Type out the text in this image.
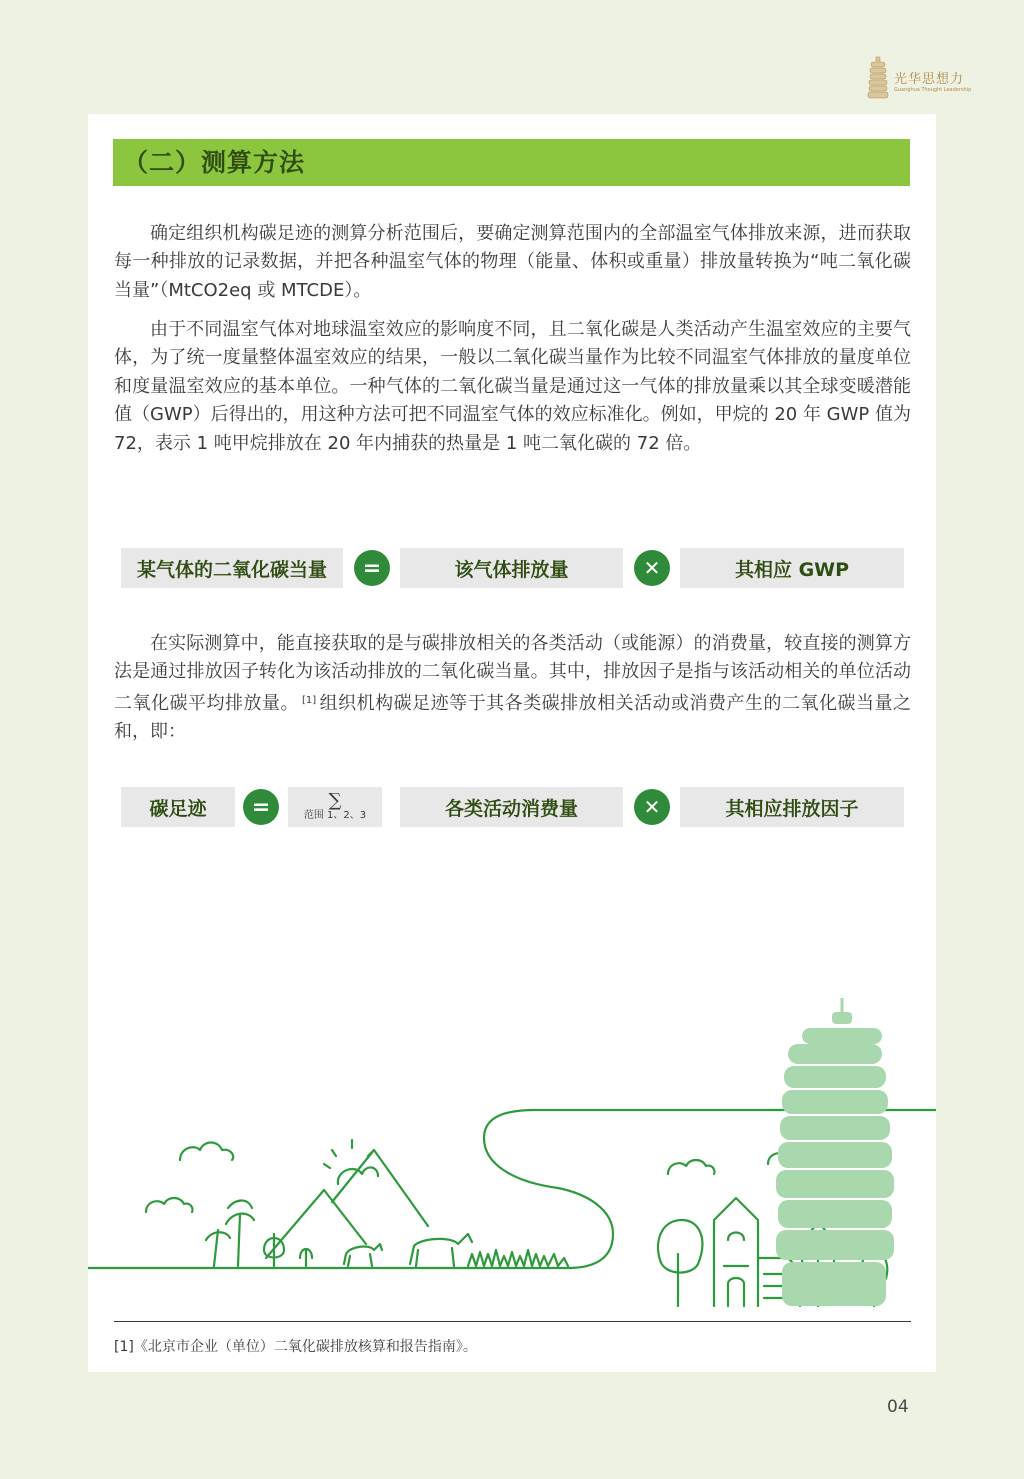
光华思想力
Guanghua Thought Leadership
（二）测算方法

确定组织机构碳足迹的测算分析范围后，要确定测算范围内的全部温室气体排放来源，进而获取每一种排放的记录数据，并把各种温室气体的物理（能量、体积或重量）排放量转换为“吨二氧化碳当量”（MtCO2eq 或 MTCDE）。

由于不同温室气体对地球温室效应的影响度不同，且二氧化碳是人类活动产生温室效应的主要气体，为了统一度量整体温室效应的结果，一般以二氧化碳当量作为比较不同温室气体排放的量度单位和度量温室效应的基本单位。一种气体的二氧化碳当量是通过这一气体的排放量乘以其全球变暖潜能值（GWP）后得出的，用这种方法可把不同温室气体的效应标准化。例如，甲烷的 20 年 GWP 值为 72，表示 1 吨甲烷排放在 20 年内捕获的热量是 1 吨二氧化碳的 72 倍。

某气体的二氧化碳当量	=	该气体排放量	✕	其相应 GWP

在实际测算中，能直接获取的是与碳排放相关的各类活动（或能源）的消费量，较直接的测算方法是通过排放因子转化为该活动排放的二氧化碳当量。其中，排放因子是指与该活动相关的单位活动二氧化碳平均排放量。 [1] 组织机构碳足迹等于其各类碳排放相关活动或消费产生的二氧化碳当量之和，即：

碳足迹	=	∑
范围 1、2、3	各类活动消费量	✕	其相应排放因子

[1]《北京市企业（单位）二氧化碳排放核算和报告指南》。

04
